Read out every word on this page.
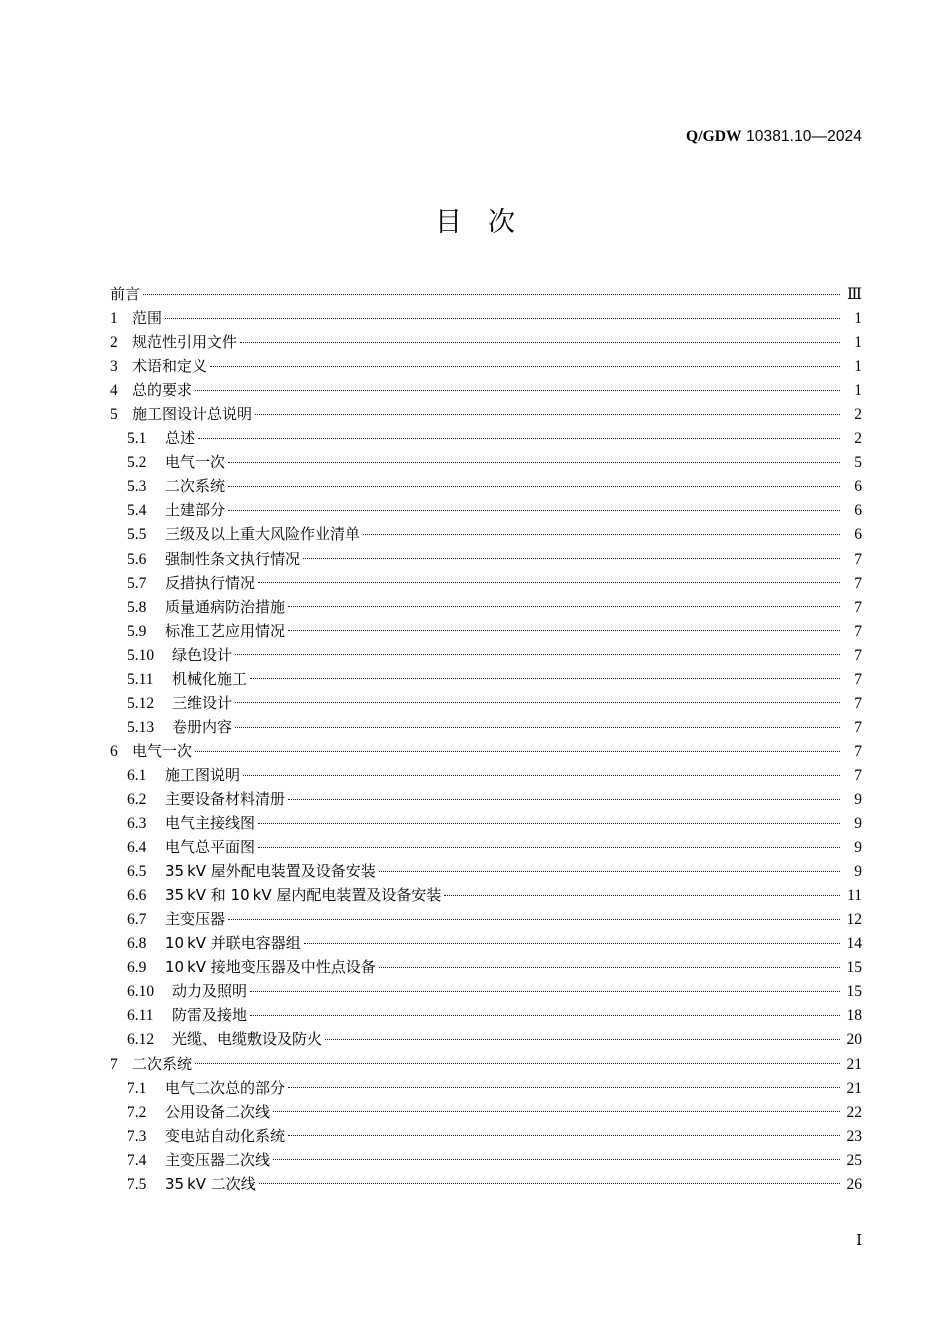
Q/GDW 10381.10—2024
目次
前言	Ⅲ
1 范围	1
2 规范性引用文件	1
3 术语和定义	1
4 总的要求	1
5 施工图设计总说明	2
5.1	总述	2
5.2	电气一次	5
5.3	二次系统	6
5.4	土建部分	6
5.5	三级及以上重大风险作业清单	6
5.6	强制性条文执行情况	7
5.7	反措执行情况	7
5.8	质量通病防治措施	7
5.9	标准工艺应用情况	7
5.10	绿色设计	7
5.11	机械化施工	7
5.12	三维设计	7
5.13	卷册内容	7
6 电气一次	7
6.1	施工图说明	7
6.2	主要设备材料清册	9
6.3	电气主接线图	9
6.4	电气总平面图	9
6.5	35 kV 屋外配电装置及设备安装	9
6.6	35 kV 和 10 kV 屋内配电装置及设备安装	11
6.7	主变压器	12
6.8	10 kV 并联电容器组	14
6.9	10 kV 接地变压器及中性点设备	15
6.10	动力及照明	15
6.11	防雷及接地	18
6.12	光缆、电缆敷设及防火	20
7 二次系统	21
7.1	电气二次总的部分	21
7.2	公用设备二次线	22
7.3	变电站自动化系统	23
7.4	主变压器二次线	25
7.5	35 kV 二次线	26
Ⅰ
